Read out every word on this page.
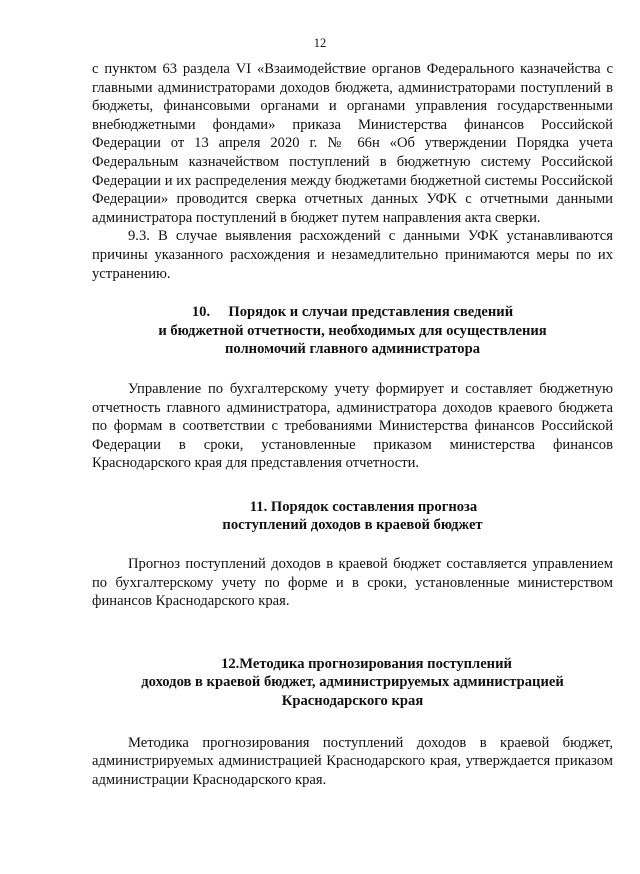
12

с пунктом 63 раздела VI «Взаимодействие органов Федерального казначейства с главными администраторами доходов бюджета, администраторами поступлений в бюджеты, финансовыми органами и органами управления государственными внебюджетными фондами» приказа Министерства финансов Российской Федерации от 13 апреля 2020 г. № 66н «Об утверждении Порядка учета Федеральным казначейством поступлений в бюджетную систему Российской Федерации и их распределения между бюджетами бюджетной системы Российской Федерации» проводится сверка отчетных данных УФК с отчетными данными администратора поступлений в бюджет путем направления акта сверки.

9.3. В случае выявления расхождений с данными УФК устанавливаются причины указанного расхождения и незамедлительно принимаются меры по их устранению.

10.     Порядок и случаи представления сведений
и бюджетной отчетности, необходимых для осуществления
полномочий главного администратора

Управление по бухгалтерскому учету формирует и составляет бюджетную отчетность главного администратора, администратора доходов краевого бюджета по формам в соответствии с требованиями Министерства финансов Российской Федерации в сроки, установленные приказом министерства финансов Краснодарского края для представления отчетности.

11. Порядок составления прогноза
поступлений доходов в краевой бюджет

Прогноз поступлений доходов в краевой бюджет составляется управлением по бухгалтерскому учету по форме и в сроки, установленные министерством финансов Краснодарского края.

12.Методика прогнозирования поступлений
доходов в краевой бюджет, администрируемых администрацией
Краснодарского края

Методика прогнозирования поступлений доходов в краевой бюджет, администрируемых администрацией Краснодарского края, утверждается приказом администрации Краснодарского края.
